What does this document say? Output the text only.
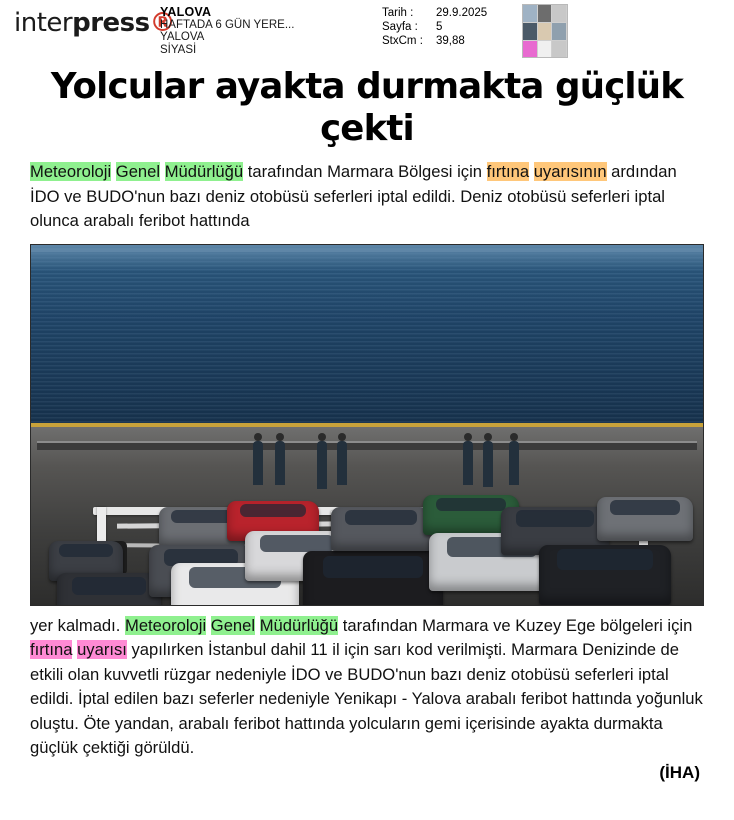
interpress®
YALOVA
HAFTADA 6 GÜN YERE...
YALOVA
SİYASİ
Tarih :	29.9.2025
Sayfa :	5
StxCm :	39,88
Yolcular ayakta durmakta güçlük çekti
Meteoroloji Genel Müdürlüğü tarafından Marmara Bölgesi için fırtına uyarısının ardından İDO ve BUDO'nun bazı deniz otobüsü seferleri iptal edildi. Deniz otobüsü seferleri iptal olunca arabalı feribot hattında
yer kalmadı. Meteoroloji Genel Müdürlüğü tarafından Marmara ve Kuzey Ege bölgeleri için fırtına uyarısı yapılırken İstanbul dahil 11 il için sarı kod verilmişti. Marmara Denizinde de etkili olan kuvvetli rüzgar nedeniyle İDO ve BUDO'nun bazı deniz otobüsü seferleri iptal edildi. İptal edilen bazı seferler nedeniyle Yenikapı - Yalova arabalı feribot hattında yoğunluk oluştu. Öte yandan, arabalı feribot hattında yolcuların gemi içerisinde ayakta durmakta güçlük çektiği görüldü.
(İHA)
